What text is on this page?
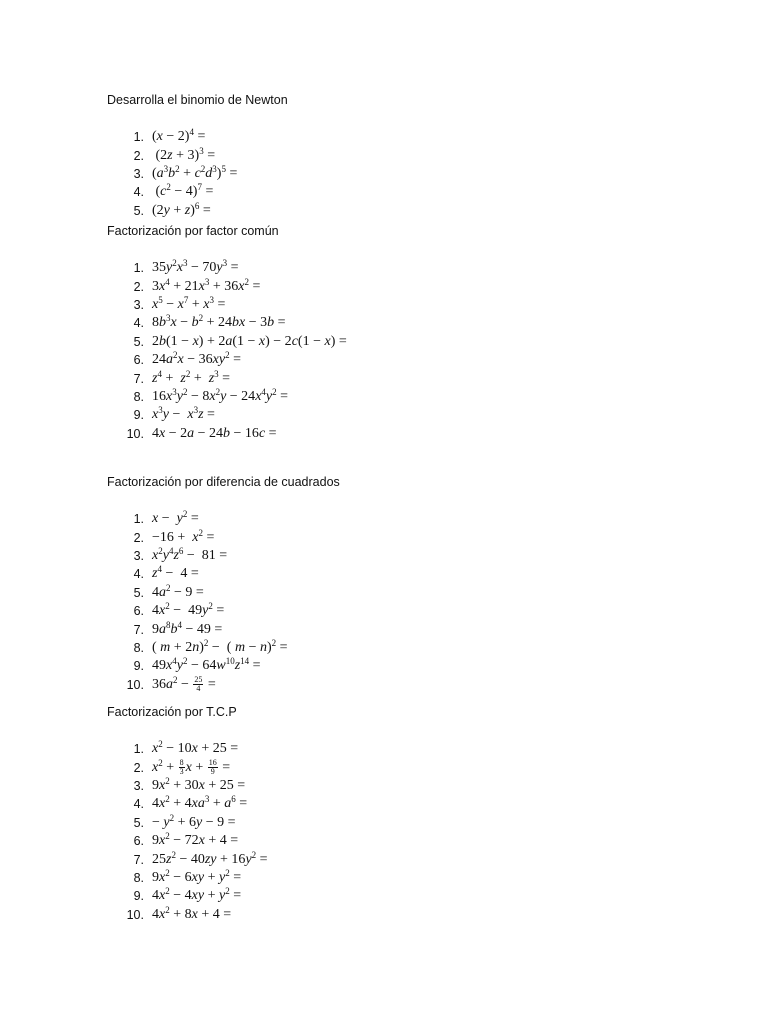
Desarrolla el binomio de Newton
1. $(x - 2)^4$ =
2. $(2z + 3)^3$ =
3. $(a^3b^2 + c^2d^3)^5$ =
4. $(c^2 - 4)^7$ =
5. $(2y + z)^6$ =
Factorización por factor común
1. $35y^2x^3 - 70y^3$ =
2. $3x^4 + 21x^3 + 36x^2$ =
3. $x^5 - x^7 + x^3$ =
4. $8b^3x - b^2 + 24bx - 3b$ =
5. 2b(1 − x) + 2a(1 − x) − 2c(1 − x) =
6. $24a^2x - 36xy^2$ =
7. $z^4 + z^2 + z^3$ =
8. $16x^3y^2 - 8x^2y - 24x^4y^2$ =
9. $x^3y - x^3z$ =
10. 4x − 2a − 24b − 16c =
Factorización por diferencia de cuadrados
1. $x - y^2$ =
2. $-16 + x^2$ =
3. $x^2y^4z^6 - 81$ =
4. $z^4 - 4$ =
5. $4a^2 - 9$ =
6. $4x^2 - 49y^2$ =
7. $9a^8b^4 - 49$ =
8. ( m + 2n)$^2$ −  ( m − n)$^2$ =
9. $49x^4y^2 - 64w^{10}z^{14}$ =
10. $36a^2 - \frac{25}{4}$ =
Factorización por T.C.P
1. $x^2 - 10x + 25$ =
2. $x^2 + \frac{8}{3}$ $x + \frac{16}{9}$ =
3. $9x^2 + 30x + 25$ =
4. $4x^2 + 4xa^3 + a^6$ =
5. − $y^2 + 6y - 9$ =
6. $9x^2 - 72x + 4$ =
7. $25z^2 - 40zy + 16y^2$ =
8. $9x^2 - 6xy + y^2$ =
9. $4x^2 - 4xy + y^2$ =
10. $4x^2 + 8x + 4$ =
